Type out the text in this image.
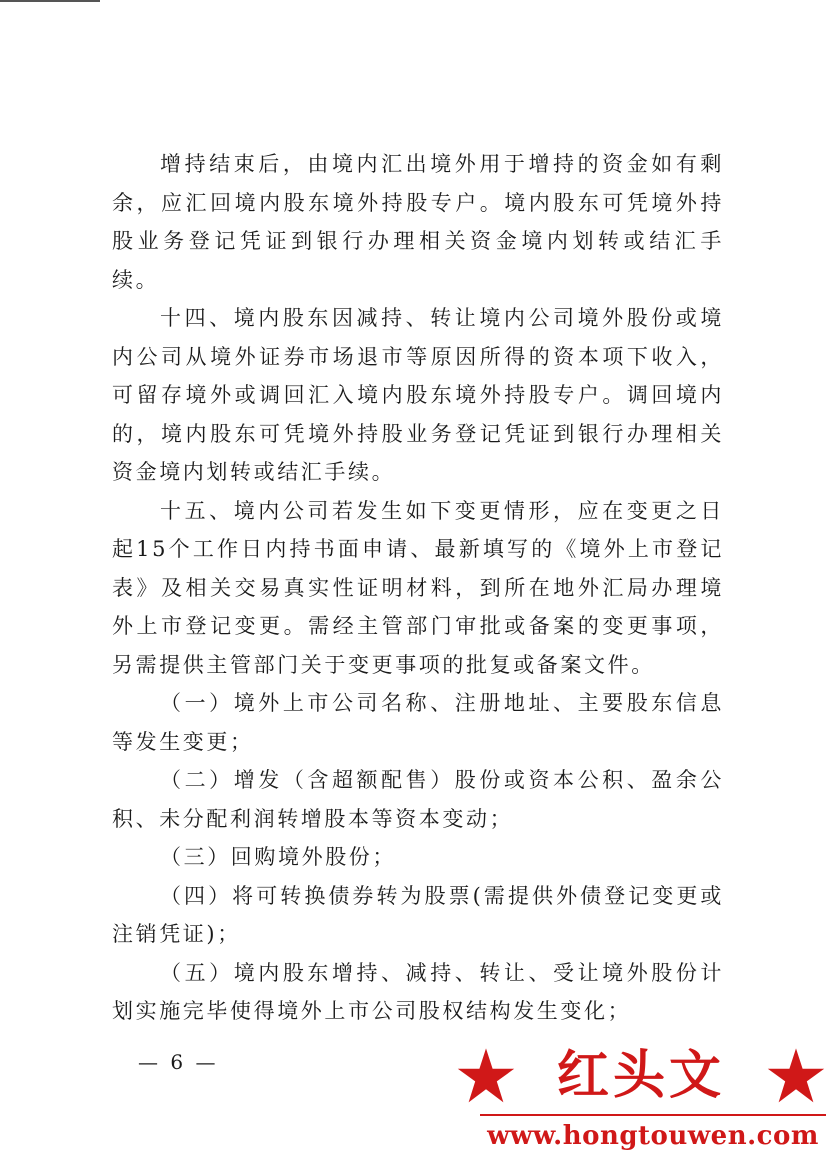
增持结束后，由境内汇出境外用于增持的资金如有剩余，应汇回境内股东境外持股专户。境内股东可凭境外持股业务登记凭证到银行办理相关资金境内划转或结汇手续。

十四、境内股东因减持、转让境内公司境外股份或境内公司从境外证券市场退市等原因所得的资本项下收入，可留存境外或调回汇入境内股东境外持股专户。调回境内的，境内股东可凭境外持股业务登记凭证到银行办理相关资金境内划转或结汇手续。

十五、境内公司若发生如下变更情形，应在变更之日起15个工作日内持书面申请、最新填写的《境外上市登记表》及相关交易真实性证明材料，到所在地外汇局办理境外上市登记变更。需经主管部门审批或备案的变更事项，另需提供主管部门关于变更事项的批复或备案文件。

（一）境外上市公司名称、注册地址、主要股东信息等发生变更；

（二）增发（含超额配售）股份或资本公积、盈余公积、未分配利润转增股本等资本变动；

（三）回购境外股份；

（四）将可转换债券转为股票(需提供外债登记变更或注销凭证)；

（五）境内股东增持、减持、转让、受让境外股份计划实施完毕使得境外上市公司股权结构发生变化；

— 6 —	红头文
www.hongtouwen.com
